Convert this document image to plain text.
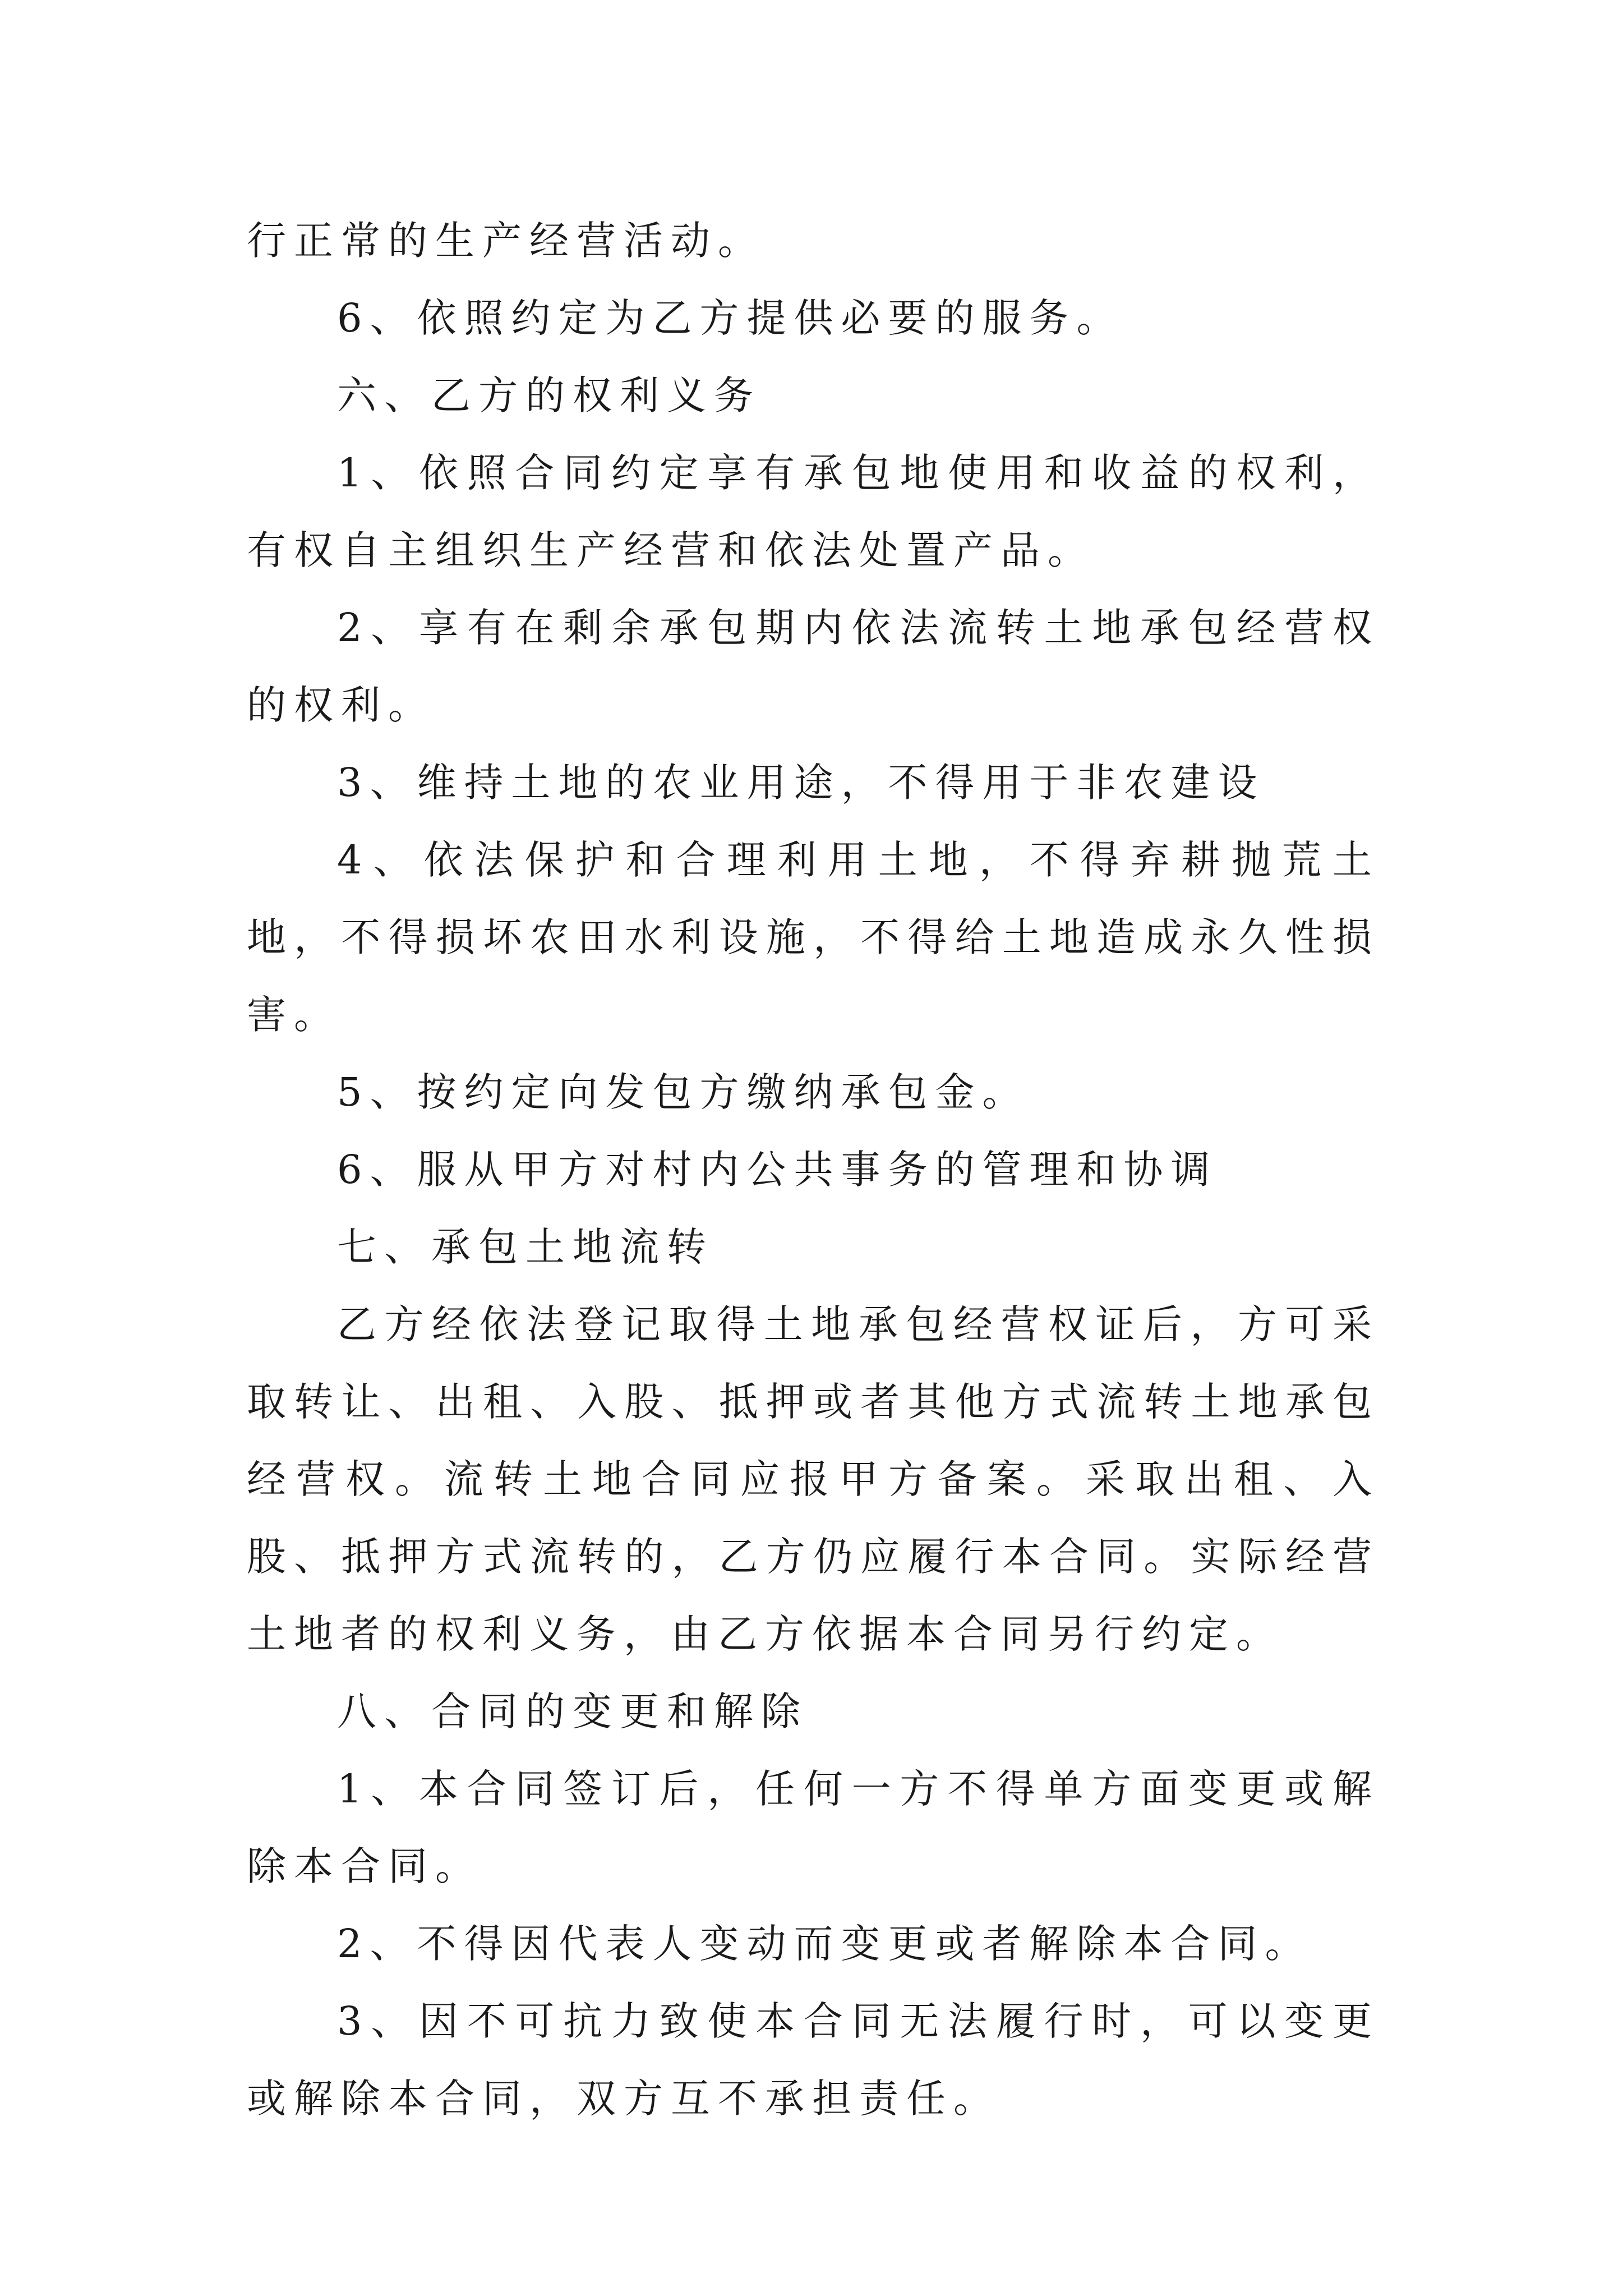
行正常的生产经营活动。

6、依照约定为乙方提供必要的服务。

六、乙方的权利义务

1、依照合同约定享有承包地使用和收益的权利，有权自主组织生产经营和依法处置产品。

2、享有在剩余承包期内依法流转土地承包经营权的权利。

3、维持土地的农业用途，不得用于非农建设

4、依法保护和合理利用土地，不得弃耕抛荒土地，不得损坏农田水利设施，不得给土地造成永久性损害。

5、按约定向发包方缴纳承包金。

6、服从甲方对村内公共事务的管理和协调

七、承包土地流转

乙方经依法登记取得土地承包经营权证后，方可采取转让、出租、入股、抵押或者其他方式流转土地承包经营权。流转土地合同应报甲方备案。采取出租、入股、抵押方式流转的，乙方仍应履行本合同。实际经营土地者的权利义务，由乙方依据本合同另行约定。

八、合同的变更和解除

1、本合同签订后，任何一方不得单方面变更或解除本合同。

2、不得因代表人变动而变更或者解除本合同。

3、因不可抗力致使本合同无法履行时，可以变更或解除本合同，双方互不承担责任。
